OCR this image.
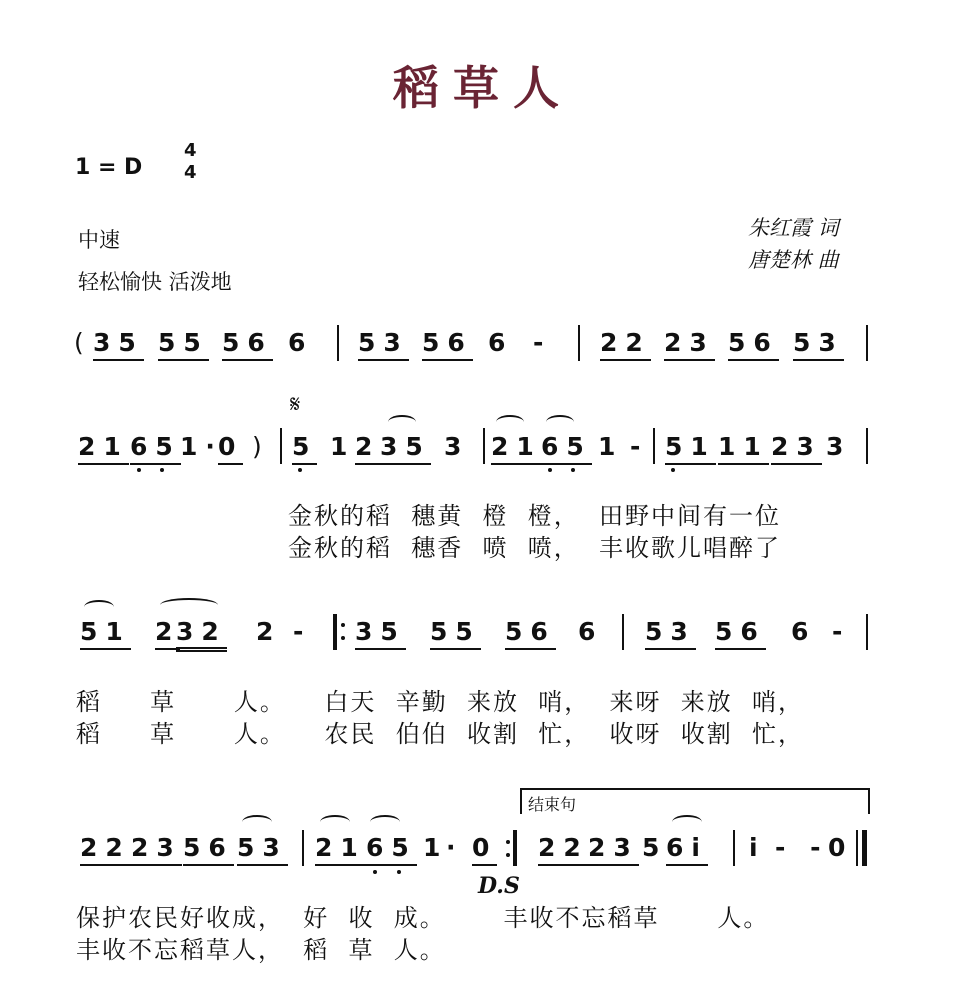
稻草人
1 = D
4
4
中速
轻松愉快 活泼地
朱红霞 词
唐楚林 曲
( 35 55 56 6 53 56 6 - 22 23 56 53
𝄋
21 65 1·
0 ) 5 1 2 35 3 21 65 1 - 51 11 23 3
金秋的稻  穗黄  橙  橙，  田野中间有一位
金秋的稻  穗香  喷  喷，  丰收歌儿唱醉了
51 2
32 2 - 35 55 56 6 53 56 6 -
稻     草      人。    白天  辛勤  来放  哨，  来呀  来放  哨，
稻     草      人。    农民  伯伯  收割  忙，  收呀  收割  忙，
结束句
22 23 56 53 21 65 1
· 0
D.S
22 23 5
6i i - - 0
保护农民好收成，  好  收  成。      丰收不忘稻草      人。
丰收不忘稻草人，  稻  草  人。
